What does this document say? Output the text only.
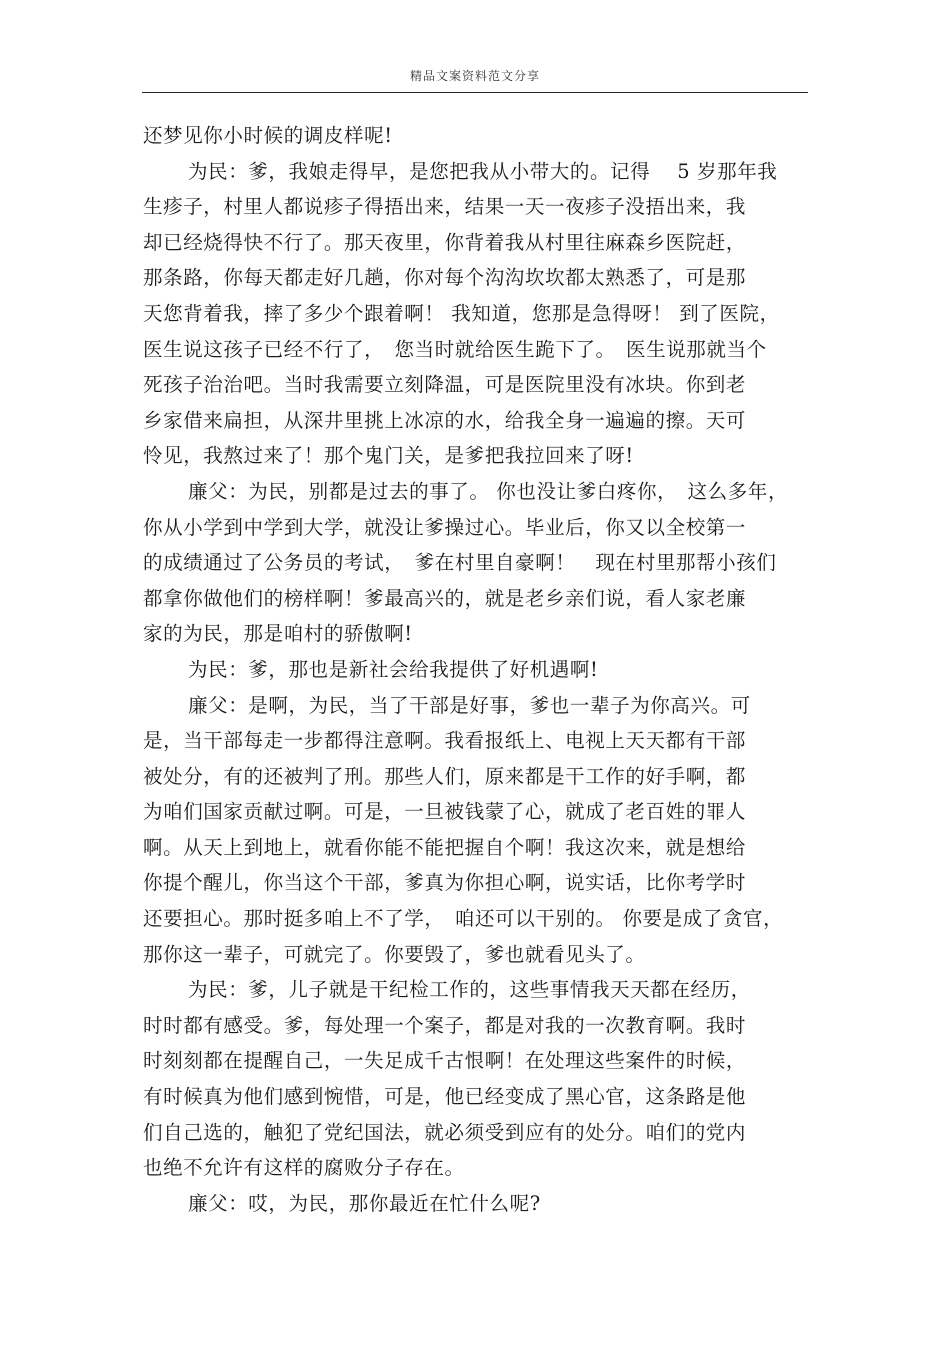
精品文案资料范文分享
还梦见你小时候的调皮样呢!
为民：爹，我娘走得早，是您把我从小带大的。记得　 5 岁那年我
生疹子，村里人都说疹子得捂出来，结果一天一夜疹子没捂出来，我
却已经烧得快不行了。那天夜里，你背着我从村里往麻森乡医院赶，
那条路，你每天都走好几趟，你对每个沟沟坎坎都太熟悉了，可是那
天您背着我，摔了多少个跟着啊！ 我知道，您那是急得呀！ 到了医院，
医生说这孩子已经不行了，　您当时就给医生跪下了。　医生说那就当个
死孩子治治吧。当时我需要立刻降温，可是医院里没有冰块。你到老
乡家借来扁担，从深井里挑上冰凉的水，给我全身一遍遍的擦。天可
怜见，我熬过来了！那个鬼门关，是爹把我拉回来了呀!
廉父：为民，别都是过去的事了。 你也没让爹白疼你，　这么多年，
你从小学到中学到大学，就没让爹操过心。毕业后，你又以全校第一
的成绩通过了公务员的考试，　爹在村里自豪啊！　现在村里那帮小孩们
都拿你做他们的榜样啊！爹最高兴的，就是老乡亲们说，看人家老廉
家的为民，那是咱村的骄傲啊!
为民：爹，那也是新社会给我提供了好机遇啊!
廉父：是啊，为民，当了干部是好事，爹也一辈子为你高兴。可
是，当干部每走一步都得注意啊。我看报纸上、电视上天天都有干部
被处分，有的还被判了刑。那些人们，原来都是干工作的好手啊，都
为咱们国家贡献过啊。可是，一旦被钱蒙了心，就成了老百姓的罪人
啊。从天上到地上，就看你能不能把握自个啊！我这次来，就是想给
你提个醒儿，你当这个干部，爹真为你担心啊，说实话，比你考学时
还要担心。那时挺多咱上不了学，　咱还可以干别的。 你要是成了贪官，
那你这一辈子，可就完了。你要毁了，爹也就看见头了。
为民：爹，儿子就是干纪检工作的，这些事情我天天都在经历，
时时都有感受。爹，每处理一个案子，都是对我的一次教育啊。我时
时刻刻都在提醒自己，一失足成千古恨啊！在处理这些案件的时候，
有时候真为他们感到惋惜，可是，他已经变成了黑心官，这条路是他
们自己选的，触犯了党纪国法，就必须受到应有的处分。咱们的党内
也绝不允许有这样的腐败分子存在。
廉父：哎，为民，那你最近在忙什么呢?
